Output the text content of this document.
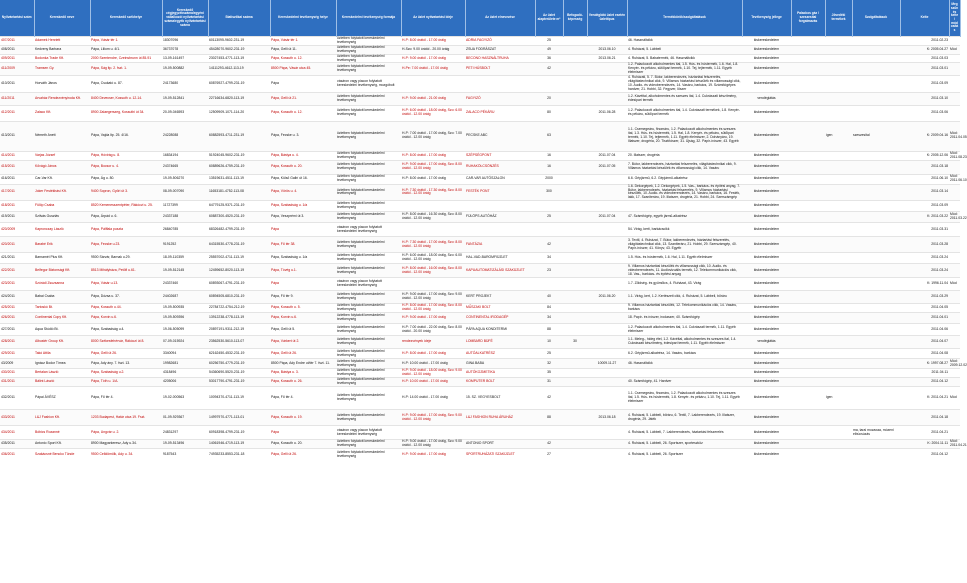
Nyilvántartási szám	Kereskedő neve	Kereskedő székhelye	Kereskedő cégjegyzékszáma/egyéni vállalkozói nyilvántartási száma/egyéb nyilvántartási száma	Statisztikai száma	Kereskedelmi tevékenység helye	Kereskedelmi tevékenység formája	Az üzlet nyitvatartási ideje	Az üzlet elnevezése	Az üzlet alapterülete m²	Befogadó-képesség	Vendéglátó üzlet esetén üzlettípus	Termékkörök/szolgáltatások	Tevékenység jellege	Palackos gáz / szeszesital forgalmazás	Jövedéki termékek	Szolgáltatások	Kelte	Megszűnés kelte / módosítás
407/2011	Adamek Henriett	Pápa, Vásár tér 1.	18307096	60113095-9602-231-19	Pápa, Vásár tér 1.	üzletben folytatott kereskedelmi tevékenység	H-P: 8.00 órától - 17.00 óráig	ADRIA FAGYIZÓ	25			46. Használtcikk	kiskereskedelem				2011.02.23	
408/2011	Kedveny Barbara	Pápa, Liliom u. 4/1.	36737078	45428070-9602-231-19	Pápa, Gelli út 11.	üzletben folytatott kereskedelmi tevékenység	H-Szo: 9.00 órától - 20.00 óráig	ZSUA FODRÁSZAT	49		2013.06.10	4. Ruházat, 5. Lábbeli	kiskereskedelem				K: 2005.04.27	Mód
409/2011	Bodonka Trade Kft.	2000 Szentendre, Czeinsbrunn út 85-91	13-09-161497	23027453-4771-113-19	Pápa, Kossuth u. 12.	üzletben folytatott kereskedelmi tevékenység	H-P: 9.00 órától - 17.00 óráig	BECONO HASZNÁLTRUHA	36		2013.06.21	4. Ruházat, 5. Babatermék, 46. Használtcikk	kiskereskedelem				2011.03.03	
411/2009	Tramsen Gy.	Pápa, Ság ltp. 2. fszt. 1.	19-09-500882	14111293-4612-113-19	8500 Pápa, Vásár utca 45.	üzletben folytatott kereskedelmi tevékenység	H-Pe: 7.00 órától - 17.00 óráig	PETI HÚSBOLT	42			1.2. Palackozott alkoholmentes ital, 1.5. Hús- és hústermék, 1.6. Hal, 1.8. Kenyér- és pékáru, sütőipari termék, 1.10. Tej, tejtermék, 1.11. Egyéb élelmiszer	kiskereskedelem				2011.03.01	
410/2011	Horváth János	Pápa, Csukató u. 87.	24173680	60876927-4799-231-19	Pápa	vásáron vagy piacon folytatott kereskedelmi tevékenység, mozgóbolt						4. Ruházati, 5. 7. Bútor, lakberendezés, háztartási felszerelés, világítástechnikai cikk, 9. Villamos háztartási készülék és villamossági cikk, 10. Audio- és videoberendezés, 14. Vasáru, barkács, 19. Számítógépes hardver, 21. Hobbi, 32. Fegyver, lőszer	kiskereskedelem				2011.03.09	
411/2011	Arvaház Rendezvényiroda Kft.	8400 Devecser, Kossuth u. 12-14.	19-09-512841	22716634-6820-113-19	Pápa, Gelli út 21.	üzletben folytatott kereskedelmi tevékenység	H-P: 9.00 órától - 21.00 óráig	FAGYIZÓ	20			1.2. Kávéital, alkoholmentes és szeszes ital, 1.4. Cukrászati készítmény, édesipari termék	vendéglátás				2011.03.10	
412/2011	Zalaco Kft.	8900 Zalaegerszeg, Kossuthi út 34.	20-09-046593	12509909-1071-114-20	Pápa, Kossuth u. 12.	üzletben folytatott kereskedelmi tevékenység	H-P: 6.00 órától - 18.00 óráig, Szo: 6.00 órától - 12.00 óráig	ZALACO PÉKÁRU	80		2011.06.28	1.2. Palackozott alkoholmentes ital, 1.4. Cukrászati termékek, 1.8. Kenyér- és pékáru, sütőipari termék	kiskereskedelem				2011.03.06	
413/2011	Németh Anett	Pápa, Vajda ltp. 25. 4/16.	24228088	60882593-4711-231-19	Pápa, Fecske u. 3.	üzletben folytatott kereskedelmi tevékenység	H-P: 7.00 órától - 17.00 óráig, Szo: 7.00 órától - 12.00 óráig	PECSKE ABC	63			1.1. Csemegeáru, finomáru, 1.2. Palackozott alkoholmentes és szeszes ital, 1.3. Hús- és hústermék, 1.5. Hal, 1.8. Kenyér- és pékáru, sütőipari termék, 1.10. Tej, tejtermék, 1.11. Egyéb élelmiszer, 2. Dohányáru, 19. Illatszer, drogéria, 20. Tisztítószer, 31. Újság, 32. Papír-írószer, 43. Egyéb	kiskereskedelem		igen	szeszesital	K: 2009.04.16	Mód: 2011.04.05
414/2011	Varjas József	Pápa, Hóvirág u. 8.	16834194	51924045-9602-231-19	Pápa, Bástya u. 4.	üzletben folytatott kereskedelmi tevékenység	H-P: 8.00 órától - 17.00 óráig	SZÉPSÉGPONT	16		2011.07.04	20. Illatszer, drogéria	kiskereskedelem				K: 2005.12.06	Mód: 2011.08.23
415/2011	Kővágó János	Pápa, Bocsor u. 4.	24374665	60889626-4759-231-19	Pápa, Kossuth u. 20.	üzletben folytatott kereskedelmi tevékenység	H-P: 9.00 órától - 17.00 óráig, Szo: 8.00 órától - 12.00 óráig	RUHAKÖLCSÖNZÉS	16		2011.07.05	7. Bútor, lakberendezés, háztartási felszerelés, világítástechnikai cikk, 9. Villamos háztartási készülék és villamossági cikk, 14. Vasáru	kiskereskedelem				2011.03.18	
416/2011	Car-Var Kft.	Pápa, Ág u. 80.	19-09-506270	13519631-4511-113-19	Pápa, Külső Gallrí út 16.	üzletben folytatott kereskedelmi tevékenység	H-P: 8.00 órától - 17.00 óráig	CAR-VAR AUTÓSZALON	2000			6.6. Gépjármű, 6.2. Gépjármű-alkatrész	kiskereskedelem				2011.06.10	Mód: 2011.06.10
417/2011	Joker Festékhási Kft.	9400 Sopron, Győri út 3.	08-09-007090	11653181-4752-113-08	Pápa, Vörös u. 4.	üzletben folytatott kereskedelmi tevékenység	H-P: 7.30 órától - 17.30 óráig, Szo: 8.00 órától - 12.00 óráig	FESTÉK PONT	300			1.6. Dekorgépek, 1.2. Dekorgépek, 1.5. Vas-, barkács- és építési anyag, 7. Bútor, lakberendezés, háztartási felszerelés, 9. Villamos háztartási készülék, 10. Audio- és videoberendezés, 14. Vasáru, barkács, 16. Festék, lakk, 17. Szaniteráru, 19. Illatszer, drogéria, 21. Hobbi, 24. Szerszámgép	kiskereskedelem				2011.03.14	
418/2011	Fülöp Csaba	8520 Kemenesszentpéter, Rákóczi u. 25.	11727399	64779125-9371-231-19	Pápa, Szabadság u. 1/a	üzletben folytatott kereskedelmi tevékenység							kiskereskedelem				2011.03.09	
419/2011	Szilvás Gusztáv	Pápa, Árpád u. 6.	24337188	60887300-4520-231-19	Pápa, Veszprémi út 3.	üzletben folytatott kereskedelmi tevékenység	H-P: 8.00 órától - 16.30 óráig, Szo: 8.00 órától - 12.00 óráig	FÜLÖPS AUTÓHÁZ	25		2011.07.04	47. Számítógép, egyéb jármű-alkatrész	kiskereskedelem				K: 2011.03.22	Mód: 2011.03.22
420/2009	Kapronczay László	Pápa, Pálffala puszta	26840785	68326482-4799-231-19	Pápa	vásáron vagy piacon folytatott kereskedelmi tevékenység						54. Virág, kerti, barkácscikk	kiskereskedelem				2011.03.31	
420/2011	Barabé Erik	Pápa, Fecske u.23.	9191252	64315530-4778-231-19	Pápa, Fő tér 38.	üzletben folytatott kereskedelmi tevékenység	H-P: 7.30 órától - 17.00 óráig, Szo: 8.00 órától - 12.00 óráig	FANTÁZIA	42			3. Textil, 4. Ruházat, 7. Bútor, lakberendezés, háztartási felszerelés, világítástechnikai cikk, 13. Szaniteráru, 21. Hobbi, 29. Szerszámgép, 40. Papír-írószer, 41. Könyv, 43. Egyéb	kiskereskedelem				2011.03.28	
421/2011	Barnaméi Plus Kft.	9500 Sárvár, Barnak u.29.	18-09-110359	25557002-4711-113-19	Pápa, Szabadság u. 1/a	üzletben folytatott kereskedelmi tevékenység	H-P: 6.00 órától - 18.00 óráig, Szo: 6.00 órától - 12.00 óráig	HAL-VAD-BAROMFIÜZLET	34			1.5. Hús- és hústermék, 1.6. Hal, 1.11. Egyéb élelmiszer	kiskereskedelem				2011.03.24	
422/2011	Belfegor Biztonsági Kft.	8513 Mihályháza, Petőfi u.61.	19-09-512145	12459652-8020-113-19	Pápa, Tóvég u.1.	üzletben folytatott kereskedelmi tevékenység	H-P: 8.00 órától - 16.00 óráig, Szo: 8.00 órától - 12.00 óráig	KAPUAUTOMATIZÁLÁSI SZAKÜZLET	23			9. Villamos háztartási készülék és villamossági cikk, 10. Audio- és videoberendezés, 11. Audiovizuális termék, 12. Telekommunikációs cikk, 18. Vas-, barkács- és építési anyag	kiskereskedelem				2011.03.24	
423/2011	Szórádi Zsuzsanna	Pápa, Vásár u.13.	24337460	60893067-4791-231-19	Pápa	vásáron vagy piacon folytatott kereskedelmi tevékenység						1.7. Zöldség- és gyümölcs, 4. Ruházat, 43. Virág	kiskereskedelem				K: 1996.11.04	Mód
424/2011	Babai Csaba	Pápa, Dózsa u. 37.	24402687	60894505-6810-231-19	Pápa, Fő tér 9.	üzletben folytatott kereskedelmi tevékenység	H-P: 9.00 órától - 17.00 óráig, Szo: 9.00 órától - 12.00 óráig	KERT PROJEKT	40		2011.06.20	1.1. Virág, kert, 1.2. Kertészeti cikk, 4. Ruházat, 5. Lábbeli, bőráru	kiskereskedelem				2011.03.29	
425/2011	Tartoskó Bt.	Pápa, Kossuth u.44.	19-09-500935	22784722-4754-212-19	Pápa, Kossuth u. 5.	üzletben folytatott kereskedelmi tevékenység	H-P: 8.00 órától - 17.00 óráig, Szo: 8.00 órától - 12.00 óráig	MŰSZAKI BOLT	84			9. Villamos háztartási készülék, 12. Telekommunikációs cikk, 14. Vasáru, barkács	kiskereskedelem				2011.04.05	
426/2011	Continental Copy Kft.	Pápa, Korvin u.6.	19-09-509396	13912238-4778-113-19	Pápa, Korvin u.6.	üzletben folytatott kereskedelmi tevékenység	H-P: 9.00 órától - 17.00 óráig	CONTINENTAL IRODAGÉP	34			18. Papír- és írószer, irodaszer, 40. Számítógép	kiskereskedelem				2011.04.01	
427/2011	Aqua Stúdió Bt.	Pápa, Szabadság u.4.	19-06-505099	20897191-9311-212-19	Pápa, Gelli út 5.	üzletben folytatott kereskedelmi tevékenység	H-P: 7.00 órától - 22.00 óráig, Szo: 8.00 órától - 20.00 óráig	PÁPA AQUA KONDITERMI	88			1.2. Palackozott alkoholmentes ital, 1.4. Cukrászati termék, 1.11. Egyéb élelmiszer	kiskereskedelem				2011.04.06	
428/2011	Albustér Group Kft.	8000 Székesfehérvár, Rákóczi út 8.	07-09-015924	23562530-5610-113-07	Pápa, Várkert út 2.	üzletben folytatott kereskedelmi tevékenység	rendezvények ideje	LOMBARD BÜFÉ	10	30		1.1. Meleg-, hideg étel, 1.2. Kávéital, alkoholmentes és szeszes ital, 1.4. Cukrászati készítmény, édesipari termék, 1.11. Egyéb élelmiszer	vendéglátás				2011.04.07	
429/2011	Takó Attila	Pápa, Gelli út 26.	3340094	62162450-4532-231-19	Pápa, Gelli út 26.	üzletben folytatott kereskedelmi tevékenység	H-P: 8.00 órától - 17.00 óráig	AUTÓALKATRÉSZ	25			6.2. Gépjármű-alkatrész, 14. Vasáru, barkács	kiskereskedelem				2011.04.08	
43/2009	Ignácz Bodor Tímea	Pápa, Ady ány. 7. fszt. 13.	19982681	60256750-4779-231-19	8500 Pápa, Ady Endre ut/tér 7. fszt. 11.	üzletben folytatott kereskedelmi tevékenység	H-P: 10.00 órától - 17.00 óráig	GINA BABA	32		10009.11.27	46. Használtcikk	kiskereskedelem				K: 1997.08.27	Mód: 2009.12.02
430/2011	Bertalan László	Pápa, Szabadság u.2.	4318496	54360690-5520-231-19	Pápa, Bástya u. 3.	üzletben folytatott kereskedelmi tevékenység	H-P: 9.00 órától - 18.00 óráig, Szo: 9.00 órától - 12.00 óráig	AUTÓKOZMETIKA	35				kiskereskedelem				2011.04.11	
431/2011	Bálint László	Pápa, Tóth u. 1/A.	4205006	53017790-4791-231-19	Pápa, Kossuth u. 26.	üzletben folytatott kereskedelmi tevékenység	H-P: 10.00 órától - 17.00 óráig	KOMPUTER BOLT	31			40. Számítógép, 41. Hardver	kiskereskedelem				2011.04.12	
432/2011	Pápai ÁVÉSZ	Pápa, Fő tér 4.	19-02-000563	10094370-4711-113-19	Pápa, Fő tér 4.	üzletben folytatott kereskedelmi tevékenység	H-P: 14.00 órától - 17.00 óráig	15. SZ. VEGYESBOLT	42			1.1. Csemegeáru, finomáru, 1.2. Palackozott alkoholmentes és szeszes ital, 1.5. Hús- és hústermék, 1.8. Kenyér- és pékáru, 1.10. Tej, 1.11. Egyéb élelmiszer	kiskereskedelem		igen		K: 2011.04.21	Mód
433/2011	L&J Fashion Kft.	1203 Budapest, Határ utca 19. Fszt.	01-09-929367	14997970-4771-113-01	Pápa, Kossuth u. 19.	üzletben folytatott kereskedelmi tevékenység	H-P: 9.00 órától - 17.00 óráig, Szo: 9.00 órától - 12.00 óráig	L&J FASHION RUHA ÁRUHÁZ	88		2013.06.18	4. Ruházat, 5. Lábbeli, bőráru, 6. Textil, 7. Lakberendezés, 19. Illatszer, drogéria, 29. Játék	kiskereskedelem				2011.04.18	
434/2011	Bóbics Rozanné	Pápa, Ungvár u. 2.	24831297	60918398-4799-231-19	Pápa	vásáron vagy piacon folytatott kereskedelmi tevékenység						4. Ruházat, 5. Lábbeli, 7. Lakberendezés, háztartási felszerelés	kiskereskedelem			ma, tarai mozaxaa, mózeni elbúcsúzás	2011.04.21	
435/2011	Antonio Sport Kft.	8900 Magyarkeresz, Ady u.34.	19-09-513496	14061946-4719-113-19	Pápa, Kossuth u. 20.	üzletben folytatott kereskedelmi tevékenység	H-P: 9.00 órától - 17.00 óráig, Szo: 9.00 órától - 12.00 óráig	ANTONIO SPORT	42			4. Ruházat, 5. Lábbeli, 26. Sportszer, sporteszköz	kiskereskedelem				K: 2004.11.11	Mód: 2011.04.21
436/2011	Szakácsné Bencko Tünde	9500 Celldömölk, Ady u. 34.	9187543	74935233-8553-231-18	Pápa, Gelli út 26.	üzletben folytatott kereskedelmi tevékenység	H-P: 9.00 órától - 17.00 óráig	SPORTRUHÁZATI SZAKÜZLET	27			4. Ruházat, 5. Lábbeli, 26. Sportszer	kiskereskedelem				2011.04.12	
